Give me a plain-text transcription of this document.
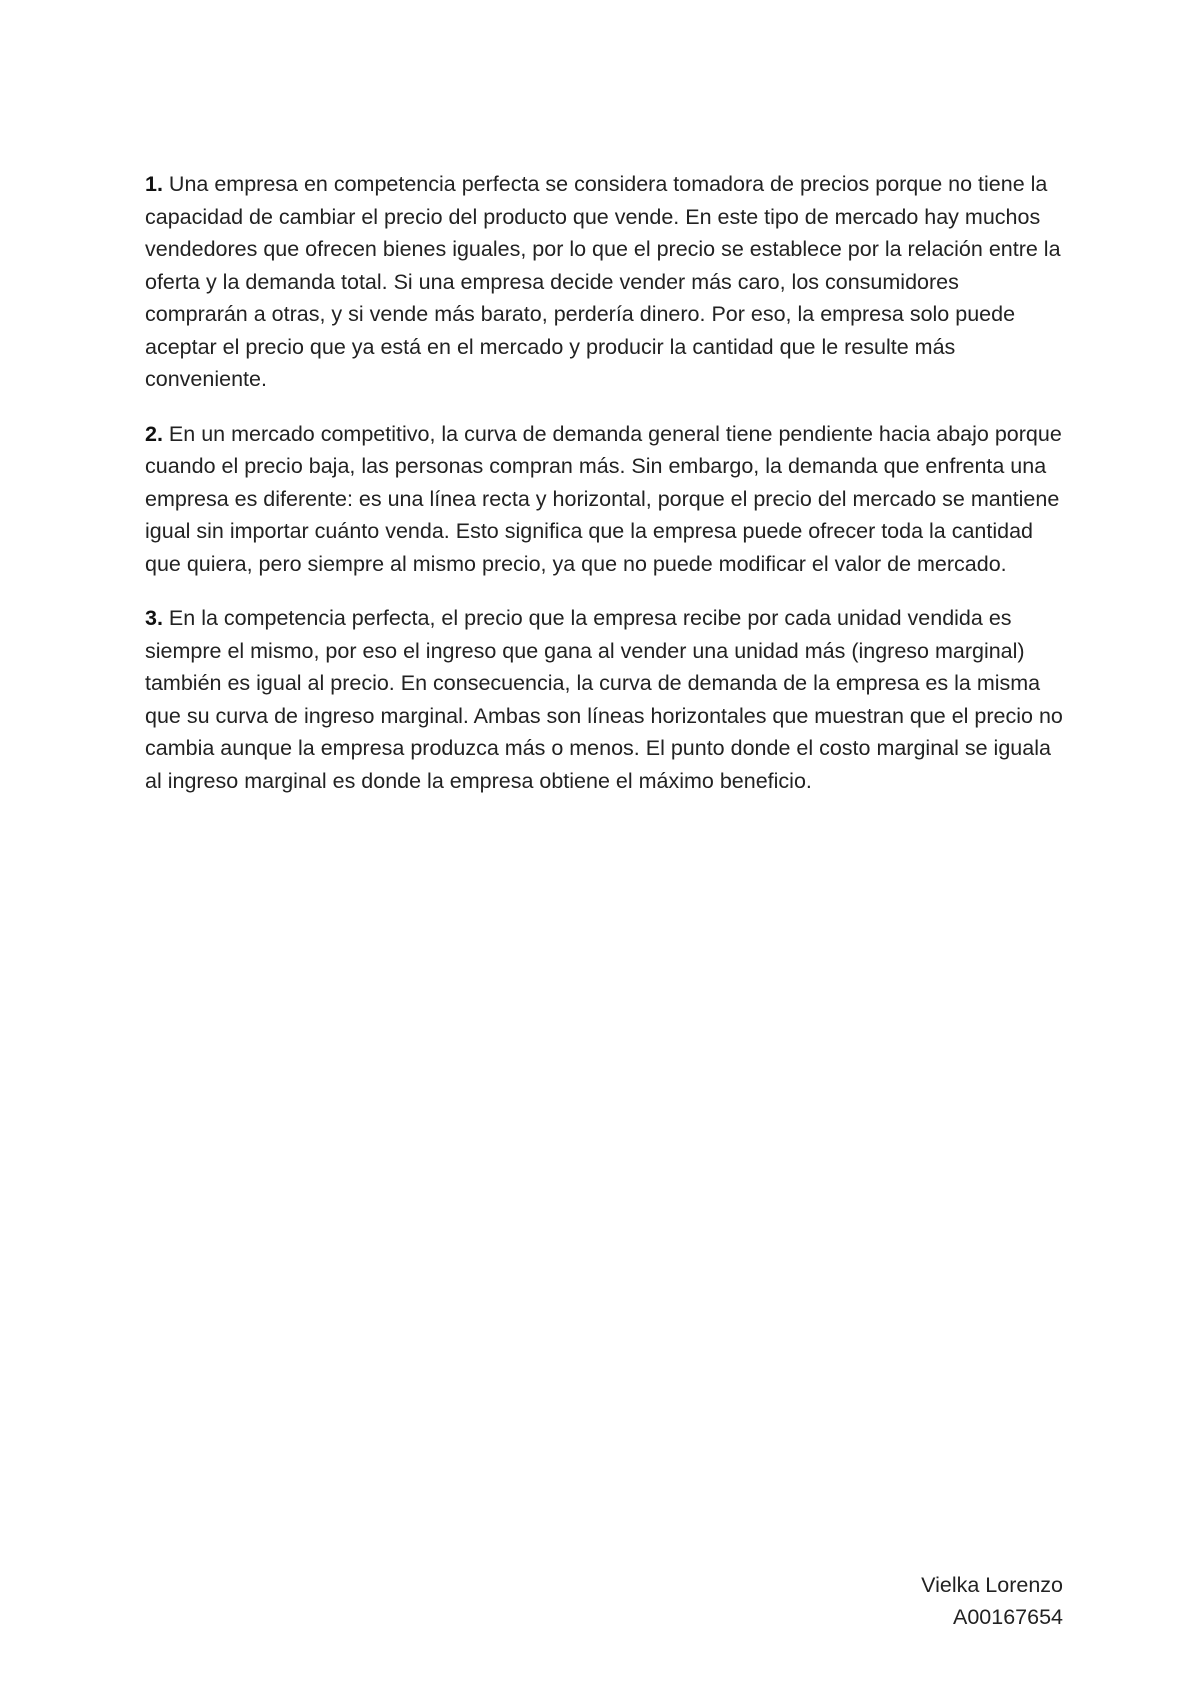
1. Una empresa en competencia perfecta se considera tomadora de precios porque no tiene la capacidad de cambiar el precio del producto que vende. En este tipo de mercado hay muchos vendedores que ofrecen bienes iguales, por lo que el precio se establece por la relación entre la oferta y la demanda total. Si una empresa decide vender más caro, los consumidores comprarán a otras, y si vende más barato, perdería dinero. Por eso, la empresa solo puede aceptar el precio que ya está en el mercado y producir la cantidad que le resulte más conveniente.

2. En un mercado competitivo, la curva de demanda general tiene pendiente hacia abajo porque cuando el precio baja, las personas compran más. Sin embargo, la demanda que enfrenta una empresa es diferente: es una línea recta y horizontal, porque el precio del mercado se mantiene igual sin importar cuánto venda. Esto significa que la empresa puede ofrecer toda la cantidad que quiera, pero siempre al mismo precio, ya que no puede modificar el valor de mercado.

3. En la competencia perfecta, el precio que la empresa recibe por cada unidad vendida es siempre el mismo, por eso el ingreso que gana al vender una unidad más (ingreso marginal) también es igual al precio. En consecuencia, la curva de demanda de la empresa es la misma que su curva de ingreso marginal. Ambas son líneas horizontales que muestran que el precio no cambia aunque la empresa produzca más o menos. El punto donde el costo marginal se iguala al ingreso marginal es donde la empresa obtiene el máximo beneficio.

Vielka Lorenzo
A00167654
